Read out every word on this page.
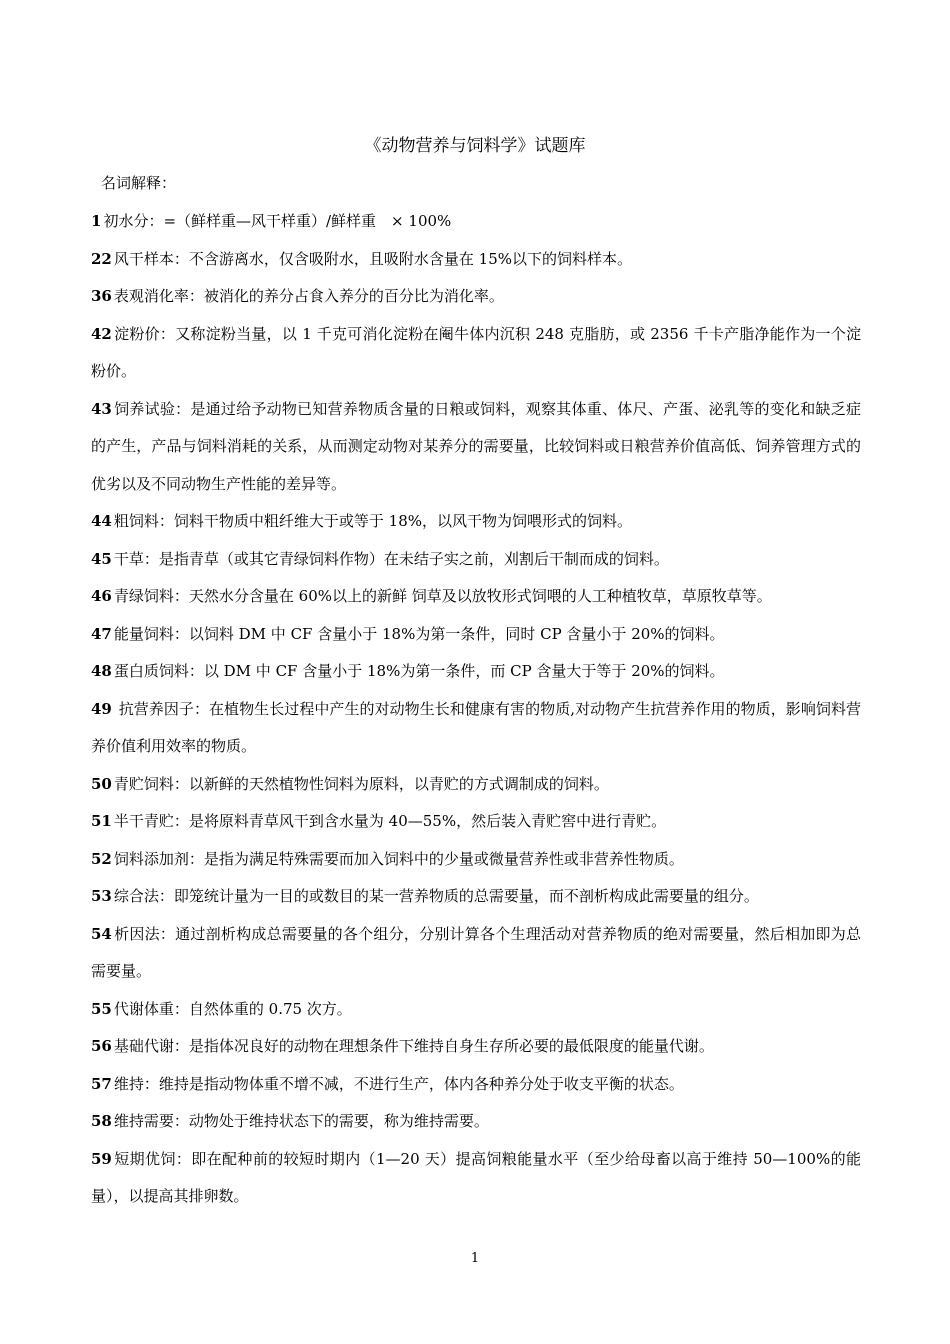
《动物营养与饲料学》试题库
名词解释：
1 初水分：=（鲜样重—风干样重）/鲜样重　× 100%
22 风干样本：不含游离水，仅含吸附水，且吸附水含量在 15%以下的饲料样本。
36 表观消化率：被消化的养分占食入养分的百分比为消化率。
42 淀粉价：又称淀粉当量，以 1 千克可消化淀粉在阉牛体内沉积 248 克脂肪，或 2356 千卡产脂净能作为一个淀粉价。
43 饲养试验：是通过给予动物已知营养物质含量的日粮或饲料，观察其体重、体尺、产蛋、泌乳等的变化和缺乏症的产生，产品与饲料消耗的关系，从而测定动物对某养分的需要量，比较饲料或日粮营养价值高低、饲养管理方式的优劣以及不同动物生产性能的差异等。
44 粗饲料：饲料干物质中粗纤维大于或等于 18%，以风干物为饲喂形式的饲料。
45 干草：是指青草（或其它青绿饲料作物）在未结子实之前，刈割后干制而成的饲料。
46 青绿饲料：天然水分含量在 60%以上的新鲜 饲草及以放牧形式饲喂的人工种植牧草，草原牧草等。
47 能量饲料：以饲料 DM 中 CF 含量小于 18%为第一条件，同时 CP 含量小于 20%的饲料。
48 蛋白质饲料：以 DM 中 CF 含量小于 18%为第一条件，而 CP 含量大于等于 20%的饲料。
49 抗营养因子：在植物生长过程中产生的对动物生长和健康有害的物质,对动物产生抗营养作用的物质，影响饲料营养价值利用效率的物质。
50 青贮饲料：以新鲜的天然植物性饲料为原料，以青贮的方式调制成的饲料。
51 半干青贮：是将原料青草风干到含水量为 40—55%，然后装入青贮窖中进行青贮。
52 饲料添加剂：是指为满足特殊需要而加入饲料中的少量或微量营养性或非营养性物质。
53 综合法：即笼统计量为一目的或数目的某一营养物质的总需要量，而不剖析构成此需要量的组分。
54 析因法：通过剖析构成总需要量的各个组分，分别计算各个生理活动对营养物质的绝对需要量，然后相加即为总需要量。
55 代谢体重：自然体重的 0.75 次方。
56 基础代谢：是指体况良好的动物在理想条件下维持自身生存所必要的最低限度的能量代谢。
57 维持：维持是指动物体重不增不减，不进行生产，体内各种养分处于收支平衡的状态。
58 维持需要：动物处于维持状态下的需要，称为维持需要。
59 短期优饲：即在配种前的较短时期内（1—20 天）提高饲粮能量水平（至少给母畜以高于维持 50—100%的能量），以提高其排卵数。
1
